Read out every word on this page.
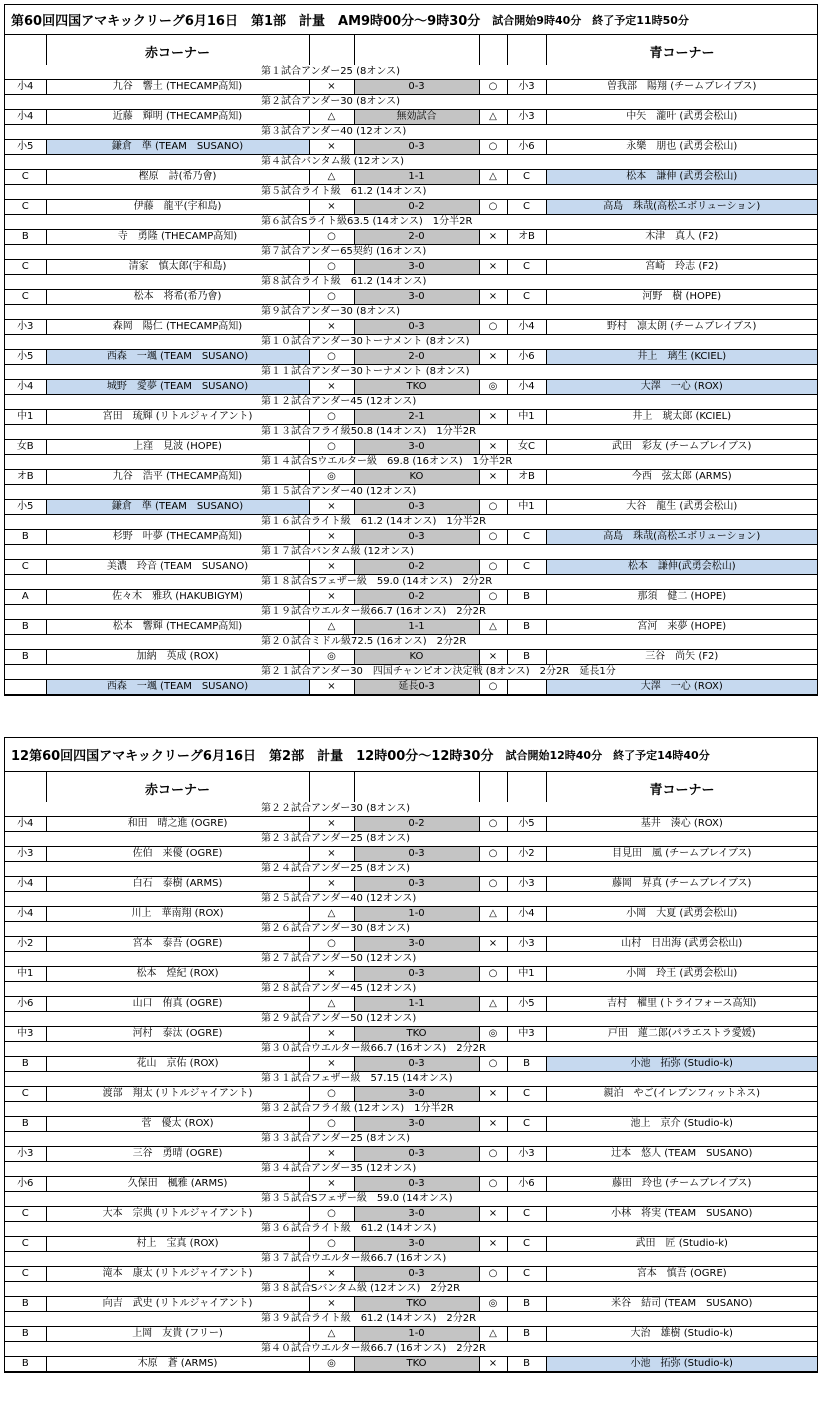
第60回四国アマキックリーグ6月16日　第1部　計量　AM9時00分～9時30分 試合開始9時40分　終了予定11時50分
赤コーナー	青コーナー

		第１試合アンダー25 (8オンス)				

小4	九谷　響土 (THECAMP高知)	×	0-3	○	小3	曽我部　陽翔 (チームブレイブス)

		第２試合アンダー30 (8オンス)				

小4	近藤　輝明 (THECAMP高知)	△	無効試合	△	小3	中矢　瀧叶 (武勇会松山)

		第３試合アンダー40 (12オンス)				

小5	鎌倉　準 (TEAM　SUSANO)	×	0-3	○	小6	永樂　朋也 (武勇会松山)

		第４試合バンタム級 (12オンス)				

C	樫原　詩(希乃會)	△	1-1	△	C	松本　謙伸 (武勇会松山)

		第５試合ライト級　61.2 (14オンス)				

C	伊藤　龍平(宇和島)	×	0-2	○	C	高島　珠哉(高松エボリューション)

		第６試合Sライト級63.5 (14オンス)　1分半2R				

B	寺　勇隆 (THECAMP高知)	○	2-0	×	オB	木津　真人 (F2)

		第７試合アンダー65契約 (16オンス)				

C	清家　慎太郎(宇和島)	○	3-0	×	C	宮崎　玲志 (F2)

		第８試合ライト級　61.2 (14オンス)				

C	松本　将希(希乃會)	○	3-0	×	C	河野　樹 (HOPE)

		第９試合アンダー30 (8オンス)				

小3	森岡　陽仁 (THECAMP高知)	×	0-3	○	小4	野村　凛太朗 (チームブレイブス)

		第１０試合アンダー30トーナメント (8オンス)				

小5	西森　一颯 (TEAM　SUSANO)	○	2-0	×	小6	井上　璃生 (KCIEL)

		第１１試合アンダー30トーナメント (8オンス)				

小4	城野　愛夢 (TEAM　SUSANO)	×	TKO	◎	小4	大澤　一心 (ROX)

		第１２試合アンダー45 (12オンス)				

中1	宮田　琉輝 (リトルジャイアント)	○	2-1	×	中1	井上　琥太郎 (KCIEL)

		第１３試合フライ級50.8 (14オンス)　1分半2R				

女B	上窪　見波 (HOPE)	○	3-0	×	女C	武田　彩友 (チームブレイブス)

		第１４試合Sウエルター級　69.8 (16オンス)　1分半2R				

オB	九谷　浩平 (THECAMP高知)	◎	KO	×	オB	今西　弦太郎 (ARMS)

		第１５試合アンダー40 (12オンス)				

小5	鎌倉　準 (TEAM　SUSANO)	×	0-3	○	中1	大谷　龍生 (武勇会松山)

		第１６試合ライト級　61.2 (14オンス)　1分半2R				

B	杉野　叶夢 (THECAMP高知)	×	0-3	○	C	高島　珠哉(高松エボリューション)

		第１７試合バンタム級 (12オンス)				

C	美濃　玲音 (TEAM　SUSANO)	×	0-2	○	C	松本　謙伸(武勇会松山)

		第１８試合Sフェザー級　59.0 (14オンス)　2分2R				

A	佐々木　雅玖 (HAKUBIGYM)	×	0-2	○	B	那須　健二 (HOPE)

		第１９試合ウエルター級66.7 (16オンス)　2分2R				

B	松本　響輝 (THECAMP高知)	△	1-1	△	B	宮河　来夢 (HOPE)

		第２０試合ミドル級72.5 (16オンス)　2分2R				

B	加納　英成 (ROX)	◎	KO	×	B	三谷　尚矢 (F2)

		第２１試合アンダー30　四国チャンピオン決定戦 (8オンス)　2分2R　延長1分				

	西森　一颯 (TEAM　SUSANO)	×	延長0-3	○		大澤　一心 (ROX)
12第60回四国アマキックリーグ6月16日　第2部　計量　12時00分～12時30分 試合開始12時40分　終了予定14時40分
赤コーナー	青コーナー

		第２２試合アンダー30 (8オンス)				

小4	和田　晴之進 (OGRE)	×	0-2	○	小5	基井　湊心 (ROX)

		第２３試合アンダー25 (8オンス)				

小3	佐伯　来優 (OGRE)	×	0-3	○	小2	目見田　風 (チームブレイブス)

		第２４試合アンダー25 (8オンス)				

小4	白石　泰樹 (ARMS)	×	0-3	○	小3	藤岡　昇真 (チームブレイブス)

		第２５試合アンダー40 (12オンス)				

小4	川上　華南翔 (ROX)	△	1-0	△	小4	小岡　大夏 (武勇会松山)

		第２６試合アンダー30 (8オンス)				

小2	宮本　泰吾 (OGRE)	○	3-0	×	小3	山村　日出海 (武勇会松山)

		第２７試合アンダー50 (12オンス)				

中1	松本　煌紀 (ROX)	×	0-3	○	中1	小岡　玲王 (武勇会松山)

		第２８試合アンダー45 (12オンス)				

小6	山口　侑真 (OGRE)	△	1-1	△	小5	吉村　櫂里 (トライフォース高知)

		第２９試合アンダー50 (12オンス)				

中3	河村　泰汰 (OGRE)	×	TKO	◎	中3	戸田　蓮二郎(パラエストラ愛媛)

		第３０試合ウエルター級66.7 (16オンス)　2分2R				

B	花山　京佑 (ROX)	×	0-3	○	B	小池　拓弥 (Studio-k)

		第３１試合フェザー級　57.15 (14オンス)				

C	渡部　翔太 (リトルジャイアント)	○	3-0	×	C	親泊　やご(イレブンフィットネス)

		第３２試合フライ級 (12オンス)　1分半2R				

B	菅　優太 (ROX)	○	3-0	×	C	池上　京介 (Studio-k)

		第３３試合アンダー25 (8オンス)				

小3	三谷　勇晴 (OGRE)	×	0-3	○	小3	辻本　悠人 (TEAM　SUSANO)

		第３４試合アンダー35 (12オンス)				

小6	久保田　楓雅 (ARMS)	×	0-3	○	小6	藤田　玲也 (チームブレイブス)

		第３５試合Sフェザー級　59.0 (14オンス)				

C	大本　宗典 (リトルジャイアント)	○	3-0	×	C	小林　将実 (TEAM　SUSANO)

		第３６試合ライト級　61.2 (14オンス)				

C	村上　宝真 (ROX)	○	3-0	×	C	武田　匠 (Studio-k)

		第３７試合ウエルター級66.7 (16オンス)				

C	滝本　康太 (リトルジャイアント)	×	0-3	○	C	宮本　慎吾 (OGRE)

		第３８試合Sバンタム級 (12オンス)　2分2R				

B	向吉　武史 (リトルジャイアント)	×	TKO	◎	B	米谷　結司 (TEAM　SUSANO)

		第３９試合ライト級　61.2 (14オンス)　2分2R				

B	上岡　友貴 (フリー)	△	1-0	△	B	大治　雄樹 (Studio-k)

		第４０試合ウエルター級66.7 (16オンス)　2分2R				

B	木原　蒼 (ARMS)	◎	TKO	×	B	小池　拓弥 (Studio-k)
